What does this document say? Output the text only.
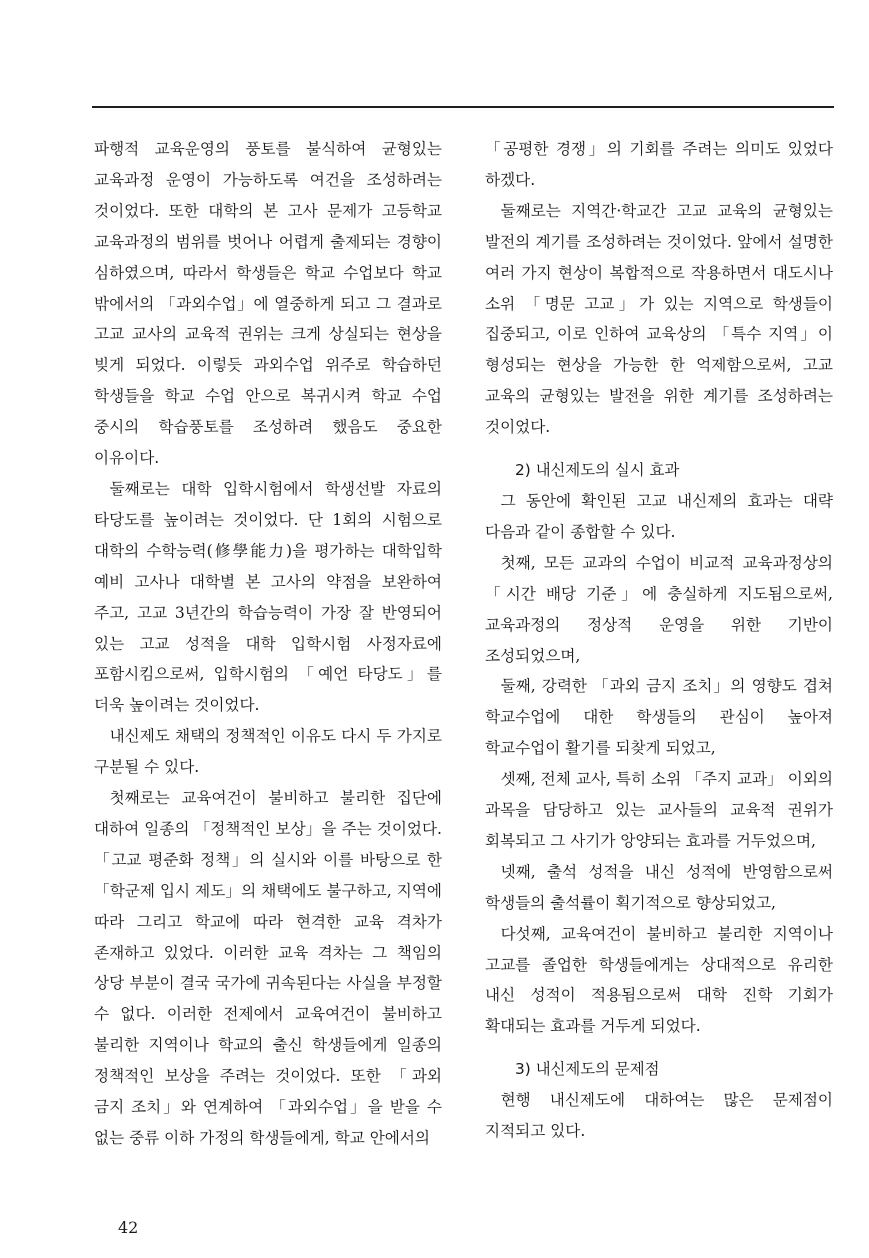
파행적 교육운영의 풍토를 불식하여 균형있는 교육과정 운영이 가능하도록 여건을 조성하려는 것이었다. 또한 대학의 본 고사 문제가 고등학교 교육과정의 범위를 벗어나 어렵게 출제되는 경향이 심하였으며, 따라서 학생들은 학교 수업보다 학교 밖에서의 「과외수업」에 열중하게 되고 그 결과로 고교 교사의 교육적 권위는 크게 상실되는 현상을 빚게 되었다. 이렇듯 과외수업 위주로 학습하던 학생들을 학교 수업 안으로 복귀시켜 학교 수업 중시의 학습풍토를 조성하려 했음도 중요한 이유이다.

둘째로는 대학 입학시험에서 학생선발 자료의 타당도를 높이려는 것이었다. 단 1회의 시험으로 대학의 수학능력(修學能力)을 평가하는 대학입학 예비 고사나 대학별 본 고사의 약점을 보완하여 주고, 고교 3년간의 학습능력이 가장 잘 반영되어 있는 고교 성적을 대학 입학시험 사정자료에 포함시킴으로써, 입학시험의 「예언 타당도」를 더욱 높이려는 것이었다.

내신제도 채택의 정책적인 이유도 다시 두 가지로 구분될 수 있다.

첫째로는 교육여건이 불비하고 불리한 집단에 대하여 일종의 「정책적인 보상」을 주는 것이었다. 「고교 평준화 정책」의 실시와 이를 바탕으로 한 「학군제 입시 제도」의 채택에도 불구하고, 지역에 따라 그리고 학교에 따라 현격한 교육 격차가 존재하고 있었다. 이러한 교육 격차는 그 책임의 상당 부분이 결국 국가에 귀속된다는 사실을 부정할 수 없다. 이러한 전제에서 교육여건이 불비하고 불리한 지역이나 학교의 출신 학생들에게 일종의 정책적인 보상을 주려는 것이었다. 또한 「과외 금지 조치」와 연계하여 「과외수업」을 받을 수 없는 중류 이하 가정의 학생들에게, 학교 안에서의

「공평한 경쟁」의 기회를 주려는 의미도 있었다 하겠다.

둘째로는 지역간·학교간 고교 교육의 균형있는 발전의 계기를 조성하려는 것이었다. 앞에서 설명한 여러 가지 현상이 복합적으로 작용하면서 대도시나 소위 「명문 고교」가 있는 지역으로 학생들이 집중되고, 이로 인하여 교육상의 「특수 지역」이 형성되는 현상을 가능한 한 억제함으로써, 고교 교육의 균형있는 발전을 위한 계기를 조성하려는 것이었다.

2) 내신제도의 실시 효과

그 동안에 확인된 고교 내신제의 효과는 대략 다음과 같이 종합할 수 있다.

첫째, 모든 교과의 수업이 비교적 교육과정상의 「시간 배당 기준」에 충실하게 지도됨으로써, 교육과정의 정상적 운영을 위한 기반이 조성되었으며,

둘째, 강력한 「과외 금지 조치」의 영향도 겹쳐 학교수업에 대한 학생들의 관심이 높아져 학교수업이 활기를 되찾게 되었고,

셋째, 전체 교사, 특히 소위 「주지 교과」 이외의 과목을 담당하고 있는 교사들의 교육적 권위가 회복되고 그 사기가 앙양되는 효과를 거두었으며,

넷째, 출석 성적을 내신 성적에 반영함으로써 학생들의 출석률이 획기적으로 향상되었고,

다섯째, 교육여건이 불비하고 불리한 지역이나 고교를 졸업한 학생들에게는 상대적으로 유리한 내신 성적이 적용됨으로써 대학 진학 기회가 확대되는 효과를 거두게 되었다.

3) 내신제도의 문제점

현행 내신제도에 대하여는 많은 문제점이 지적되고 있다.

42
